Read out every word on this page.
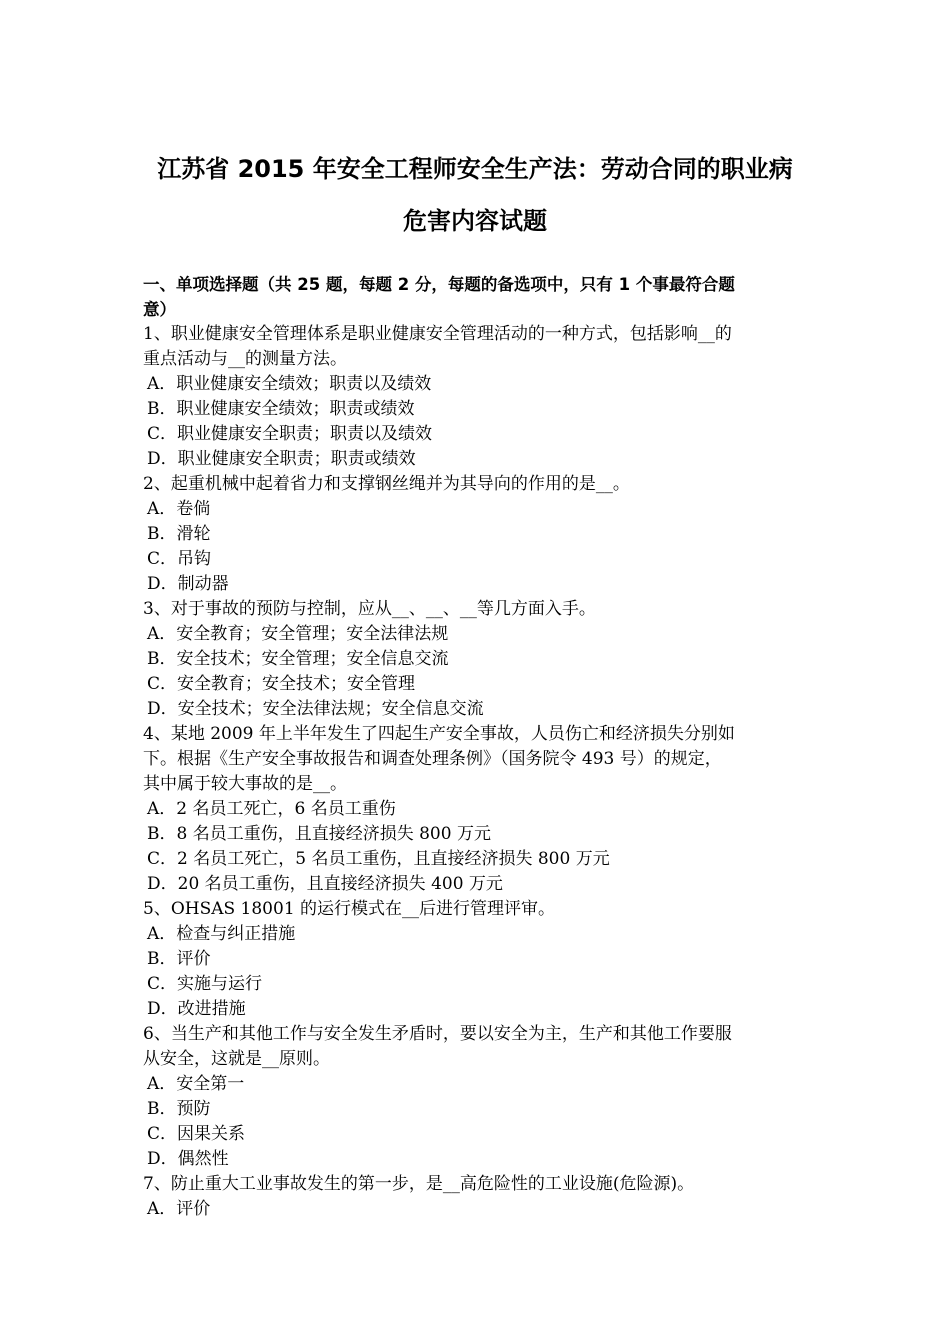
江苏省 2015 年安全工程师安全生产法：劳动合同的职业病
危害内容试题
一、单项选择题（共 25 题，每题 2 分，每题的备选项中，只有 1 个事最符合题
意）
1、职业健康安全管理体系是职业健康安全管理活动的一种方式，包括影响__的
重点活动与__的测量方法。
A．职业健康安全绩效；职责以及绩效
B．职业健康安全绩效；职责或绩效
C．职业健康安全职责；职责以及绩效
D．职业健康安全职责；职责或绩效
2、起重机械中起着省力和支撑钢丝绳并为其导向的作用的是__。
A．卷倘
B．滑轮
C．吊钩
D．制动器
3、对于事故的预防与控制，应从__、__、__等几方面入手。
A．安全教育；安全管理；安全法律法规
B．安全技术；安全管理；安全信息交流
C．安全教育；安全技术；安全管理
D．安全技术；安全法律法规；安全信息交流
4、某地 2009 年上半年发生了四起生产安全事故，人员伤亡和经济损失分别如
下。根据《生产安全事故报告和调查处理条例》（国务院令 493 号）的规定，
其中属于较大事故的是__。
A．2 名员工死亡，6 名员工重伤
B．8 名员工重伤，且直接经济损失 800 万元
C．2 名员工死亡，5 名员工重伤，且直接经济损失 800 万元
D．20 名员工重伤，且直接经济损失 400 万元
5、OHSAS 18001 的运行模式在__后进行管理评审。
A．检查与纠正措施
B．评价
C．实施与运行
D．改进措施
6、当生产和其他工作与安全发生矛盾时，要以安全为主，生产和其他工作要服
从安全，这就是__原则。
A．安全第一
B．预防
C．因果关系
D．偶然性
7、防止重大工业事故发生的第一步，是__高危险性的工业设施(危险源)。
A．评价
